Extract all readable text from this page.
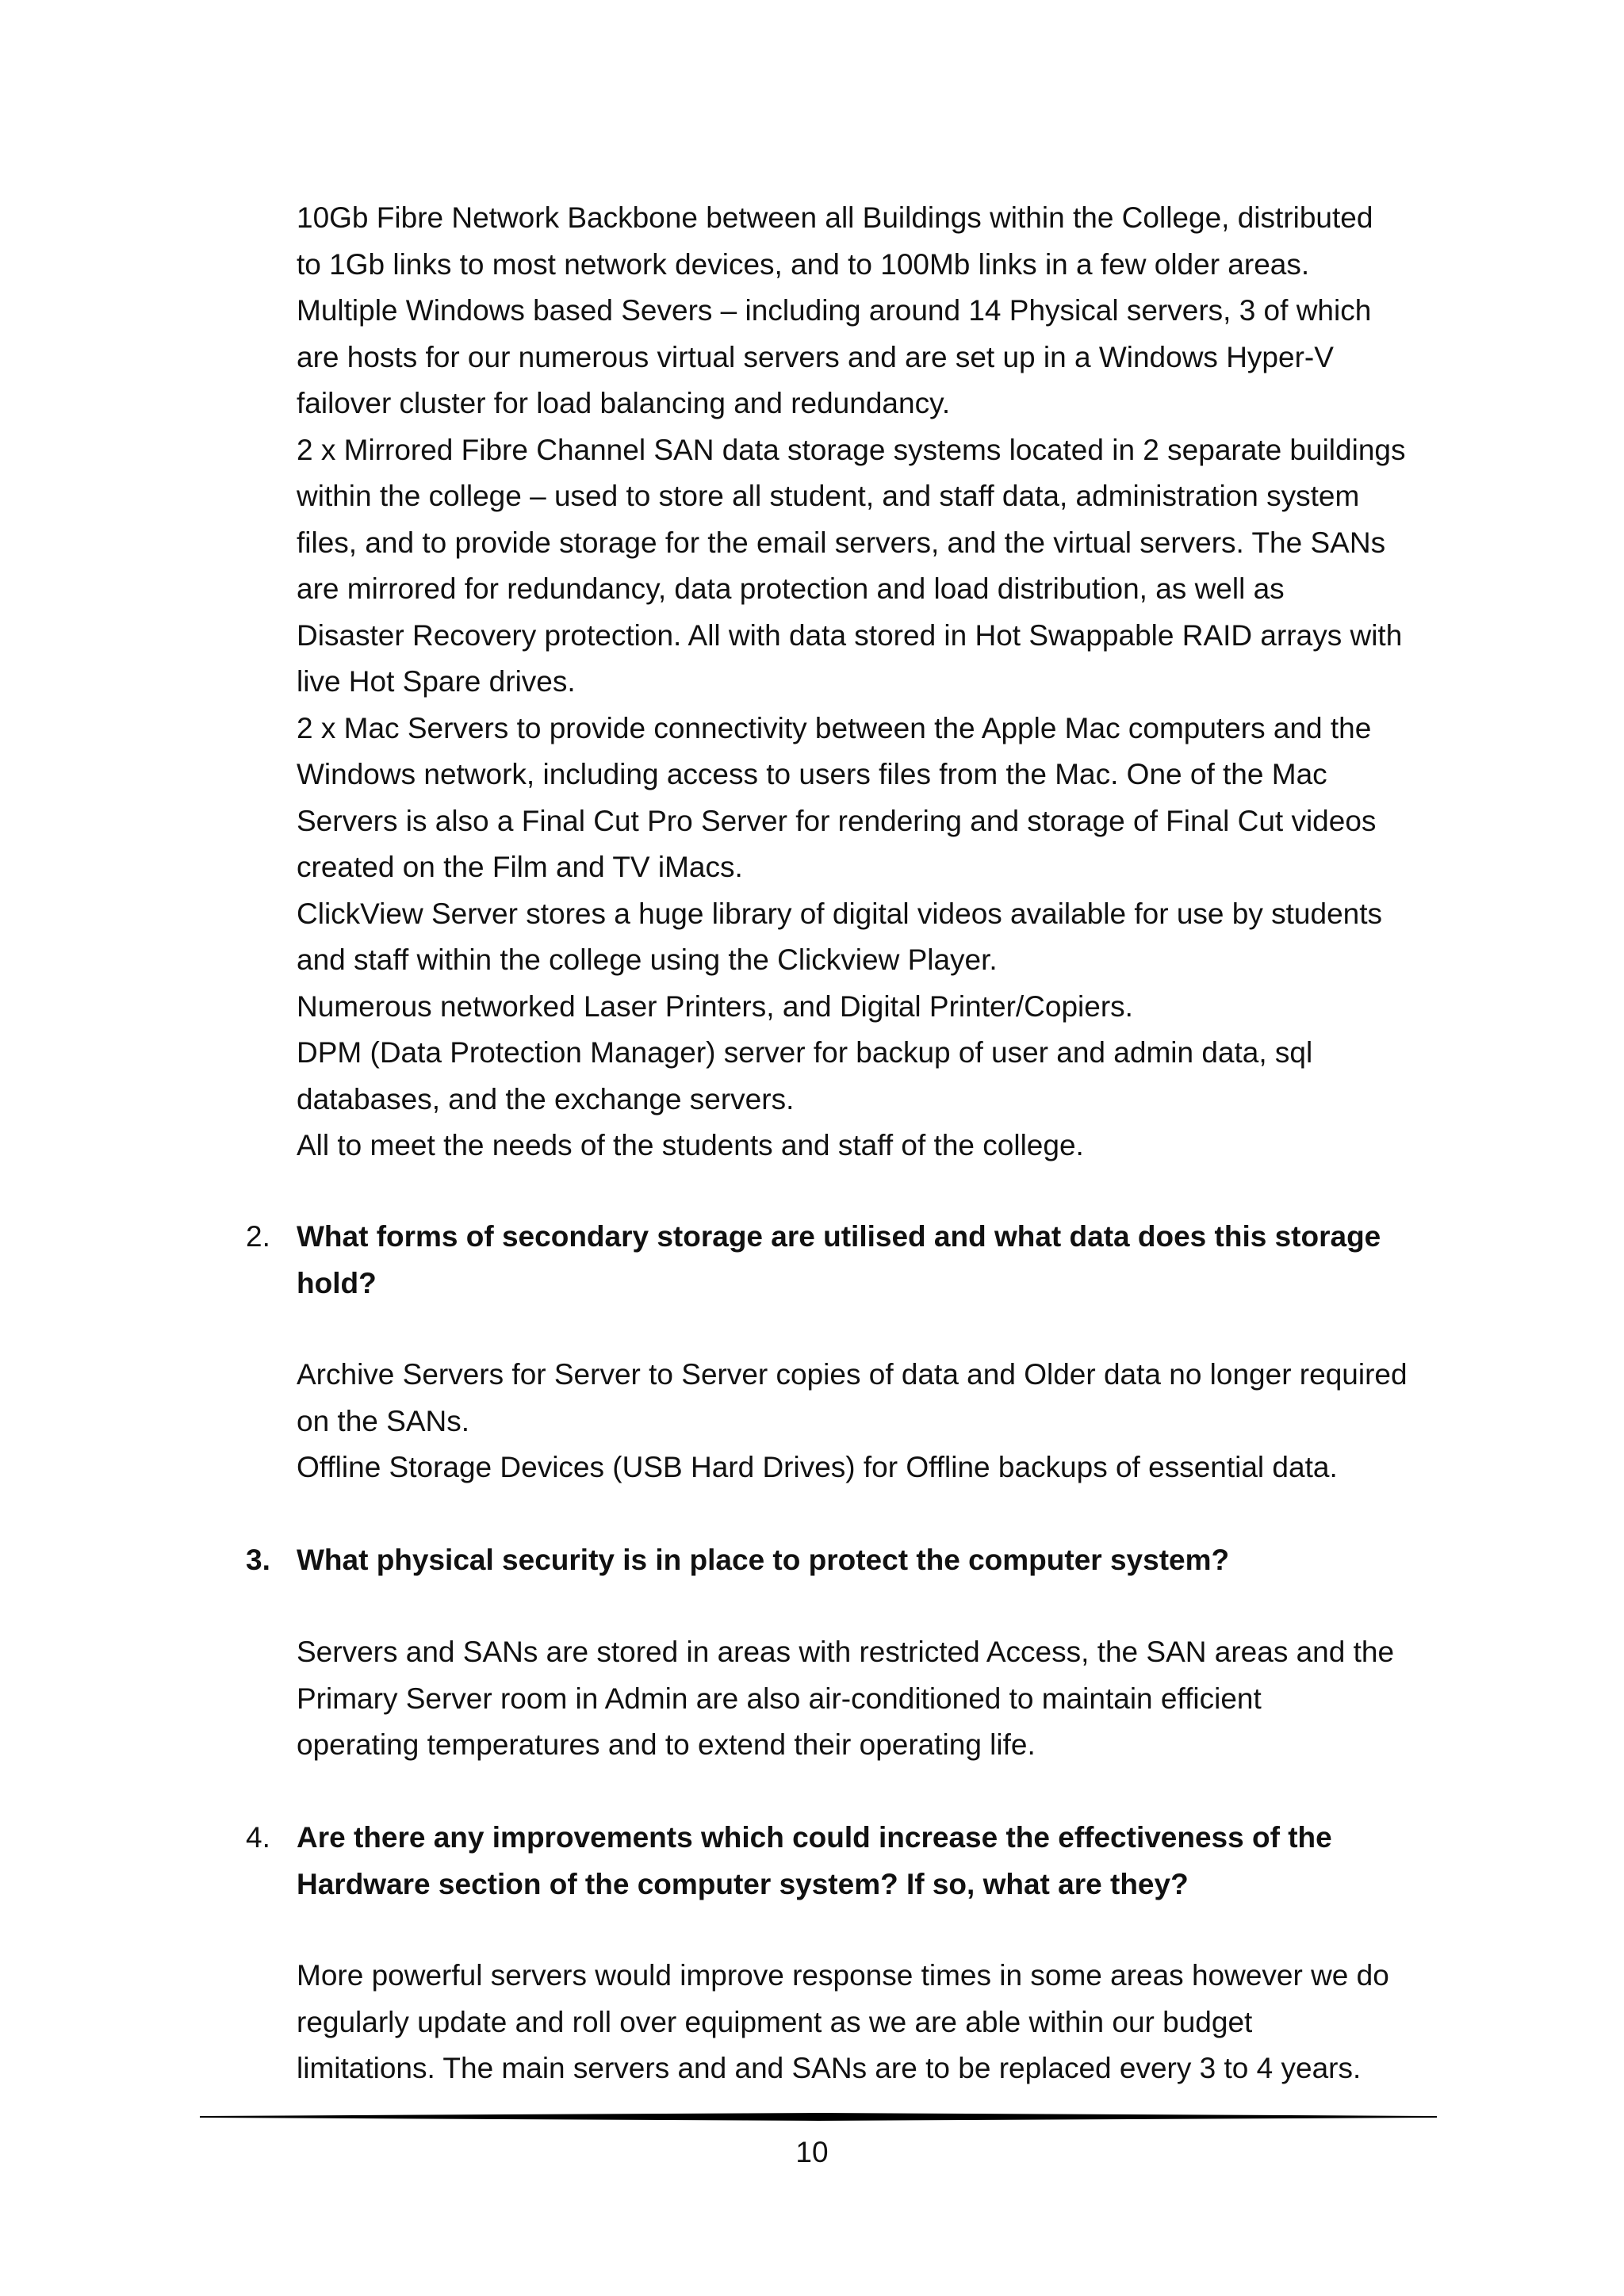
10Gb Fibre Network Backbone between all Buildings within the College, distributed
to 1Gb links to most network devices, and to 100Mb links in a few older areas.
Multiple Windows based Severs – including around 14 Physical servers, 3 of which
are hosts for our numerous virtual servers and are set up in a Windows Hyper-V
failover cluster for load balancing and redundancy.
2 x Mirrored Fibre Channel SAN data storage systems located in 2 separate buildings
within the college – used to store all student, and staff data, administration system
files, and to provide storage for the email servers, and the virtual servers. The SANs
are mirrored for redundancy, data protection and load distribution, as well as
Disaster Recovery protection. All with data stored in Hot Swappable RAID arrays with
live Hot Spare drives.
2 x Mac Servers to provide connectivity between the Apple Mac computers and the
Windows network, including access to users files from the Mac. One of the Mac
Servers is also a Final Cut Pro Server for rendering and storage of Final Cut videos
created on the Film and TV iMacs.
ClickView Server stores a huge library of digital videos available for use by students
and staff within the college using the Clickview Player.
Numerous networked Laser Printers, and Digital Printer/Copiers.
DPM (Data Protection Manager) server for backup of user and admin data, sql
databases, and the exchange servers.
All to meet the needs of the students and staff of the college.
2. What forms of secondary storage are utilised and what data does this storage
hold?
Archive Servers for Server to Server copies of data and Older data no longer required
on the SANs.
Offline Storage Devices (USB Hard Drives) for Offline backups of essential data.
3. What physical security is in place to protect the computer system?
Servers and SANs are stored in areas with restricted Access, the SAN areas and the
Primary Server room in Admin are also air-conditioned to maintain efficient
operating temperatures and to extend their operating life.
4. Are there any improvements which could increase the effectiveness of the
Hardware section of the computer system? If so, what are they?
More powerful servers would improve response times in some areas however we do
regularly update and roll over equipment as we are able within our budget
limitations. The main servers and and SANs are to be replaced every 3 to 4 years.
10
